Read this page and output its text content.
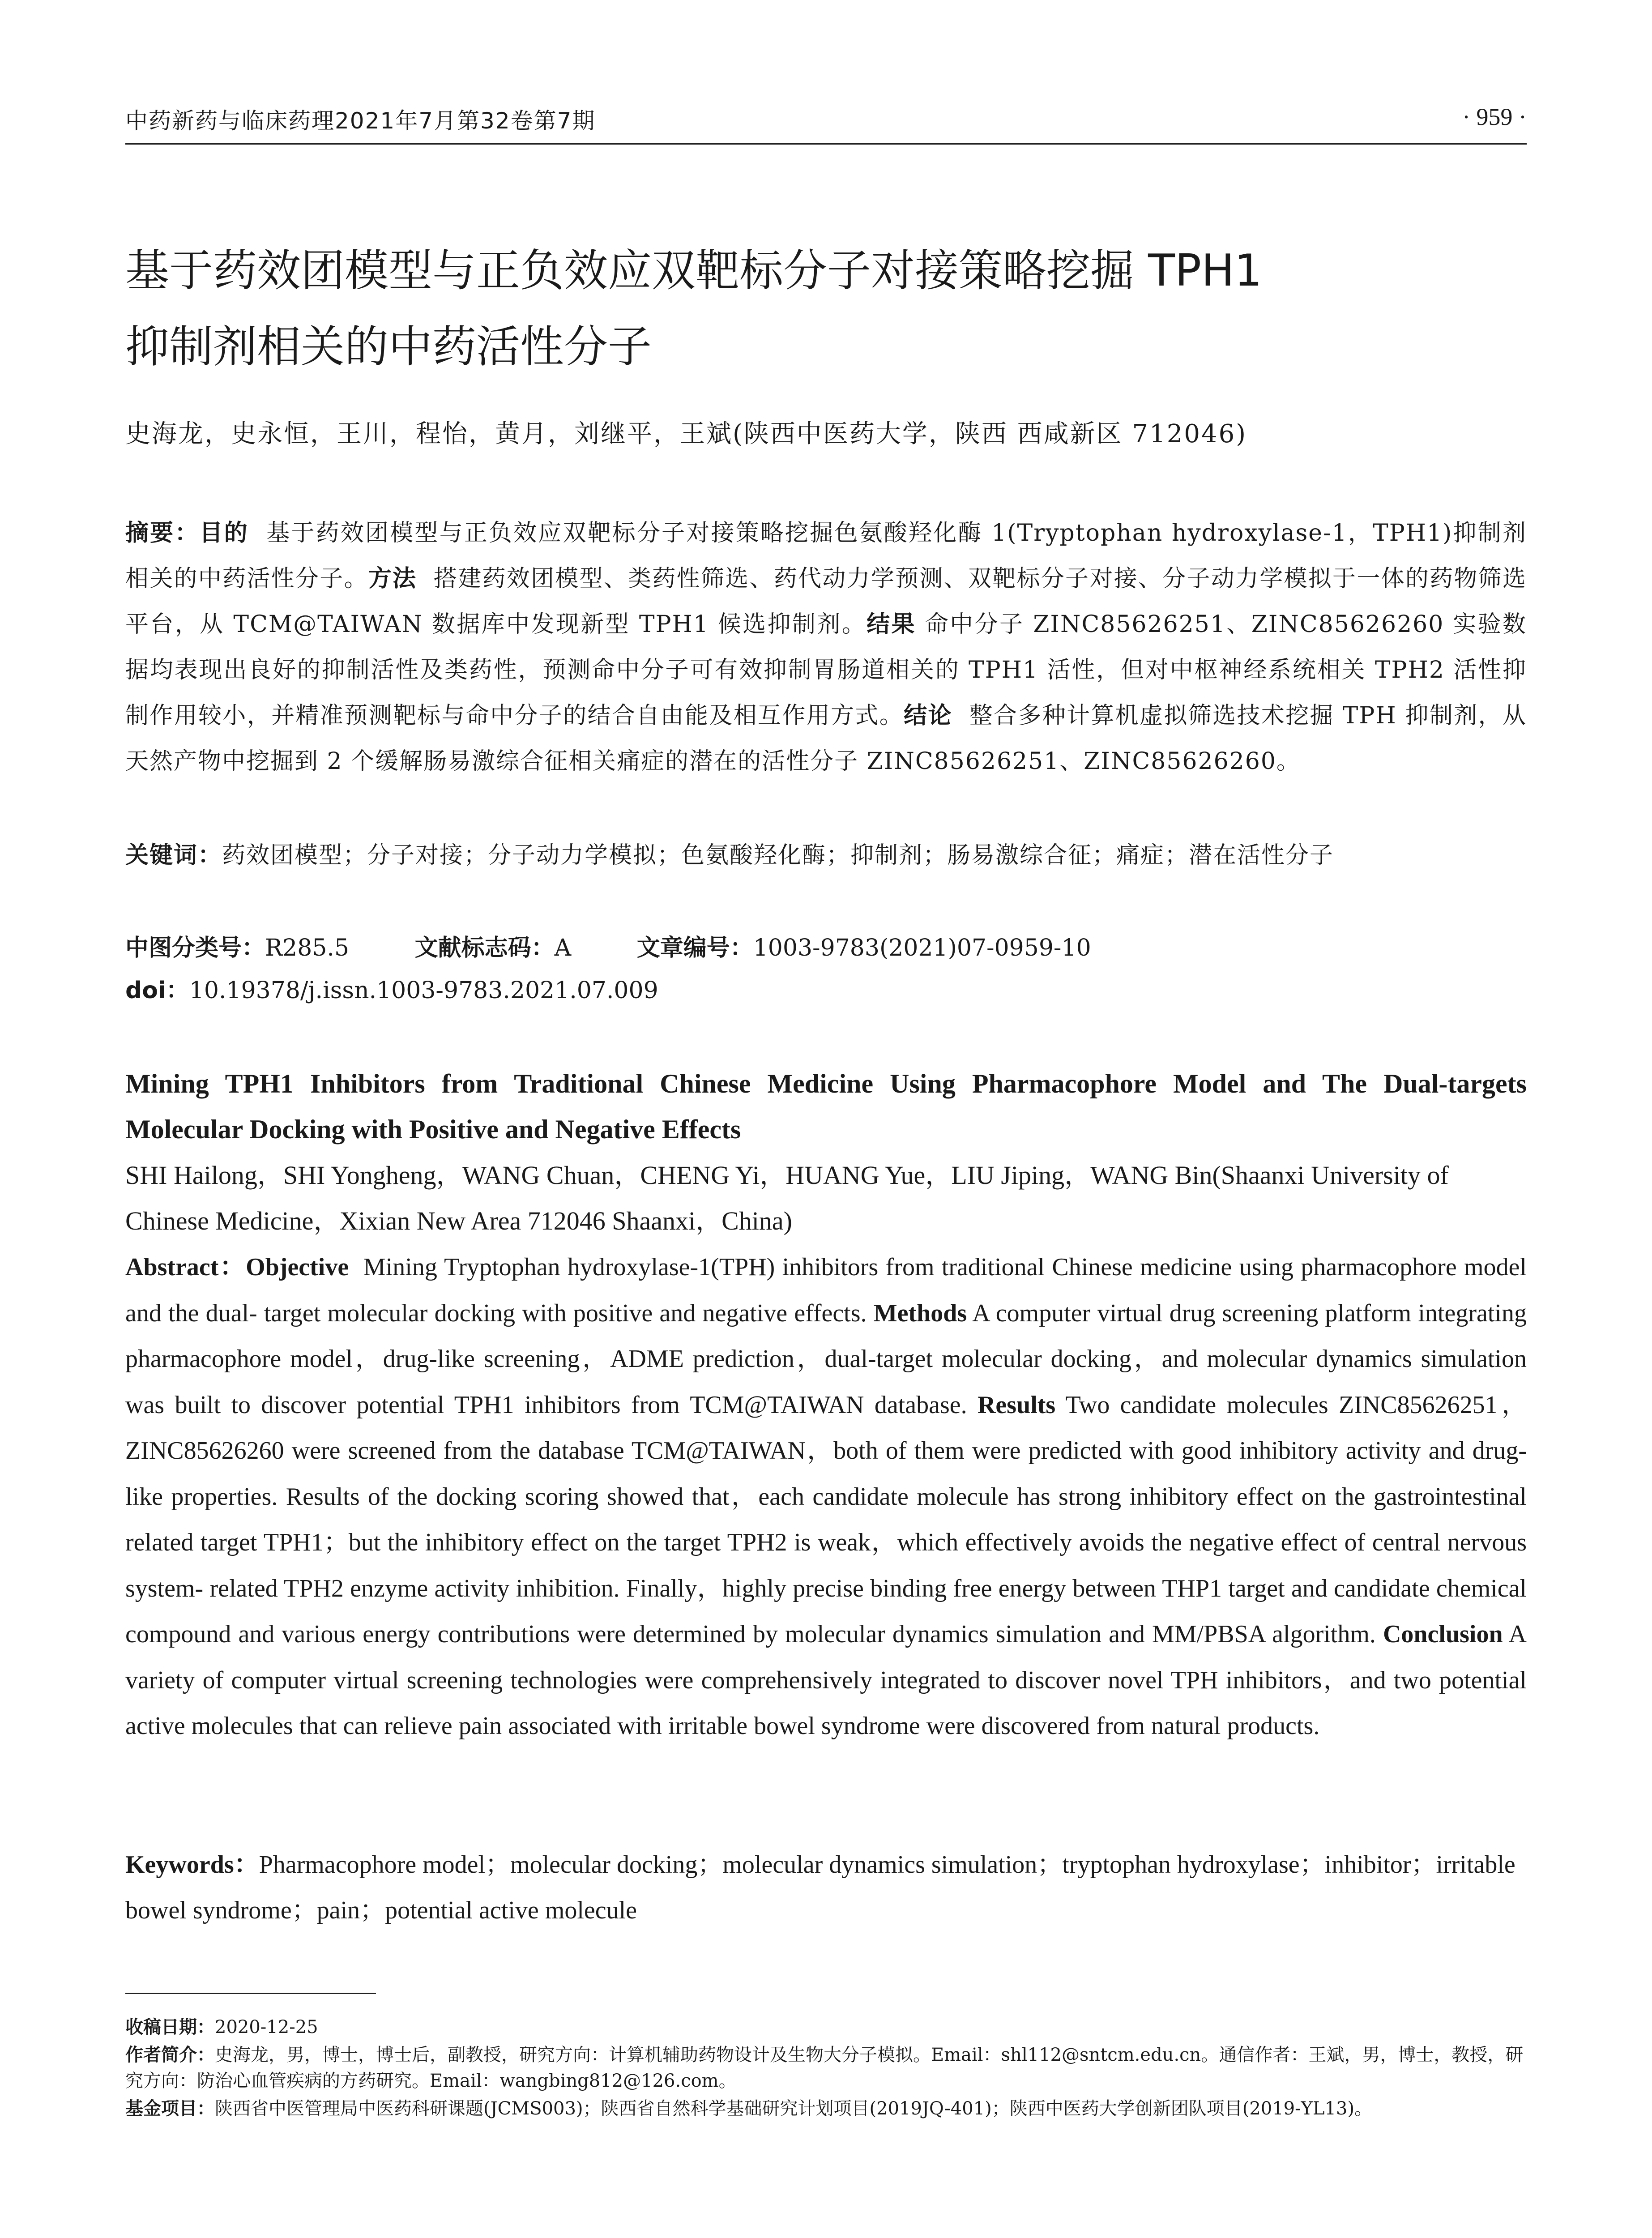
中药新药与临床药理2021年7月第32卷第7期	· 959 ·
基于药效团模型与正负效应双靶标分子对接策略挖掘 TPH1
抑制剂相关的中药活性分子
史海龙，史永恒，王川，程怡，黄月，刘继平，王斌(陕西中医药大学，陕西 西咸新区 712046)
摘要：目的 基于药效团模型与正负效应双靶标分子对接策略挖掘色氨酸羟化酶 1(Tryptophan hydroxylase-1，TPH1)抑制剂相关的中药活性分子。方法 搭建药效团模型、类药性筛选、药代动力学预测、双靶标分子对接、分子动力学模拟于一体的药物筛选平台，从 TCM@TAIWAN 数据库中发现新型 TPH1 候选抑制剂。结果 命中分子 ZINC85626251、ZINC85626260 实验数据均表现出良好的抑制活性及类药性，预测命中分子可有效抑制胃肠道相关的 TPH1 活性，但对中枢神经系统相关 TPH2 活性抑制作用较小，并精准预测靶标与命中分子的结合自由能及相互作用方式。结论 整合多种计算机虚拟筛选技术挖掘 TPH 抑制剂，从天然产物中挖掘到 2 个缓解肠易激综合征相关痛症的潜在的活性分子 ZINC85626251、ZINC85626260。
关键词：药效团模型；分子对接；分子动力学模拟；色氨酸羟化酶；抑制剂；肠易激综合征；痛症；潜在活性分子
中图分类号：R285.5	文献标志码：A	文章编号：1003-9783(2021)07-0959-10
doi：10.19378/j.issn.1003-9783.2021.07.009
Mining TPH1 Inhibitors from Traditional Chinese Medicine Using Pharmacophore Model and The Dual-targets Molecular Docking with Positive and Negative Effects
SHI Hailong，SHI Yongheng，WANG Chuan，CHENG Yi，HUANG Yue，LIU Jiping，WANG Bin(Shaanxi University of Chinese Medicine，Xixian New Area 712046 Shaanxi，China)
Abstract：Objective Mining Tryptophan hydroxylase-1(TPH) inhibitors from traditional Chinese medicine using pharmacophore model and the dual- target molecular docking with positive and negative effects. Methods A computer virtual drug screening platform integrating pharmacophore model，drug-like screening，ADME prediction，dual-target molecular docking，and molecular dynamics simulation was built to discover potential TPH1 inhibitors from TCM@TAIWAN database. Results Two candidate molecules ZINC85626251，ZINC85626260 were screened from the database TCM@TAIWAN，both of them were predicted with good inhibitory activity and drug- like properties. Results of the docking scoring showed that，each candidate molecule has strong inhibitory effect on the gastrointestinal related target TPH1；but the inhibitory effect on the target TPH2 is weak，which effectively avoids the negative effect of central nervous system- related TPH2 enzyme activity inhibition. Finally，highly precise binding free energy between THP1 target and candidate chemical compound and various energy contributions were determined by molecular dynamics simulation and MM/PBSA algorithm. Conclusion A variety of computer virtual screening technologies were comprehensively integrated to discover novel TPH inhibitors，and two potential active molecules that can relieve pain associated with irritable bowel syndrome were discovered from natural products.
Keywords：Pharmacophore model；molecular docking；molecular dynamics simulation；tryptophan hydroxylase；inhibitor；irritable bowel syndrome；pain；potential active molecule

收稿日期：2020-12-25

作者简介：史海龙，男，博士，博士后，副教授，研究方向：计算机辅助药物设计及生物大分子模拟。Email：shl112@sntcm.edu.cn。通信作者：王斌，男，博士，教授，研究方向：防治心血管疾病的方药研究。Email：wangbing812@126.com。

基金项目：陕西省中医管理局中医药科研课题(JCMS003)；陕西省自然科学基础研究计划项目(2019JQ-401)；陕西中医药大学创新团队项目(2019-YL13)。
